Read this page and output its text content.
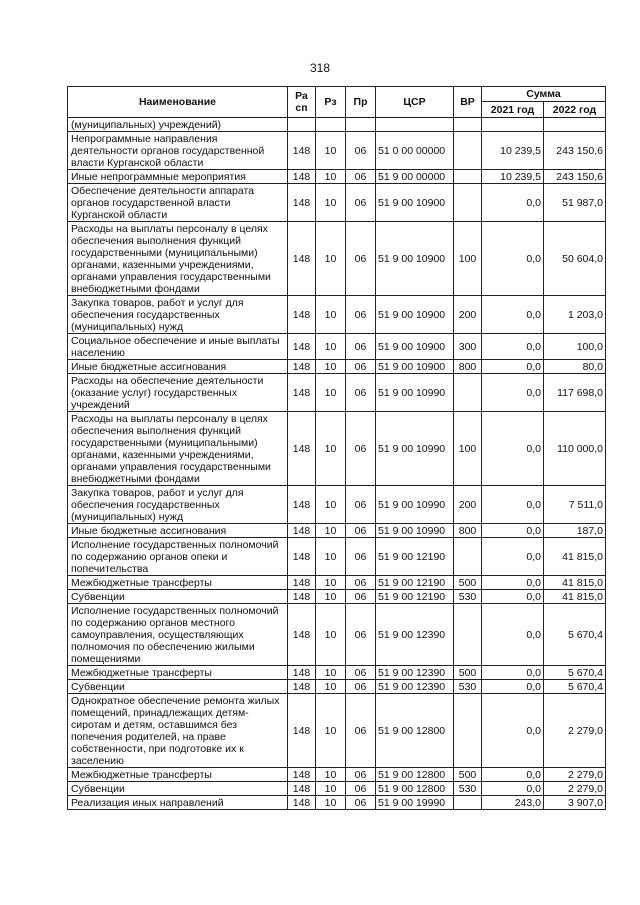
318
Наименование	Ра сп	Рз	Пр	ЦСР	ВР	Сумма	
						2021 год	2022 год
(муниципальных) учреждений)							
Непрограммные направления деятельности органов государственной власти Курганской области	148	10	06	51 0 00 00000		10 239,5	243 150,6
Иные непрограммные мероприятия	148	10	06	51 9 00 00000		10 239,5	243 150,6
Обеспечение деятельности аппарата органов государственной власти Курганской области	148	10	06	51 9 00 10900		0,0	51 987,0
Расходы на выплаты персоналу в целях обеспечения выполнения функций государственными (муниципальными) органами, казенными учреждениями, органами управления государственными внебюджетными фондами	148	10	06	51 9 00 10900	100	0,0	50 604,0
Закупка товаров, работ и услуг для обеспечения государственных (муниципальных) нужд	148	10	06	51 9 00 10900	200	0,0	1 203,0
Социальное обеспечение и иные выплаты населению	148	10	06	51 9 00 10900	300	0,0	100,0
Иные бюджетные ассигнования	148	10	06	51 9 00 10900	800	0,0	80,0
Расходы на обеспечение деятельности (оказание услуг) государственных учреждений	148	10	06	51 9 00 10990		0,0	117 698,0
Расходы на выплаты персоналу в целях обеспечения выполнения функций государственными (муниципальными) органами, казенными учреждениями, органами управления государственными внебюджетными фондами	148	10	06	51 9 00 10990	100	0,0	110 000,0
Закупка товаров, работ и услуг для обеспечения государственных (муниципальных) нужд	148	10	06	51 9 00 10990	200	0,0	7 511,0
Иные бюджетные ассигнования	148	10	06	51 9 00 10990	800	0,0	187,0
Исполнение государственных полномочий по содержанию органов опеки и попечительства	148	10	06	51 9 00 12190		0,0	41 815,0
Межбюджетные трансферты	148	10	06	51 9 00 12190	500	0,0	41 815,0
Субвенции	148	10	06	51 9 00 12190	530	0,0	41 815,0
Исполнение государственных полномочий по содержанию органов местного самоуправления, осуществляющих полномочия по обеспечению жилыми помещениями	148	10	06	51 9 00 12390		0,0	5 670,4
Межбюджетные трансферты	148	10	06	51 9 00 12390	500	0,0	5 670,4
Субвенции	148	10	06	51 9 00 12390	530	0,0	5 670,4
Однократное обеспечение ремонта жилых помещений, принадлежащих детям-сиротам и детям, оставшимся без попечения родителей, на праве собственности, при подготовке их к заселению	148	10	06	51 9 00 12800		0,0	2 279,0
Межбюджетные трансферты	148	10	06	51 9 00 12800	500	0,0	2 279,0
Субвенции	148	10	06	51 9 00 12800	530	0,0	2 279,0
Реализация иных направлений	148	10	06	51 9 00 19990		243,0	3 907,0
